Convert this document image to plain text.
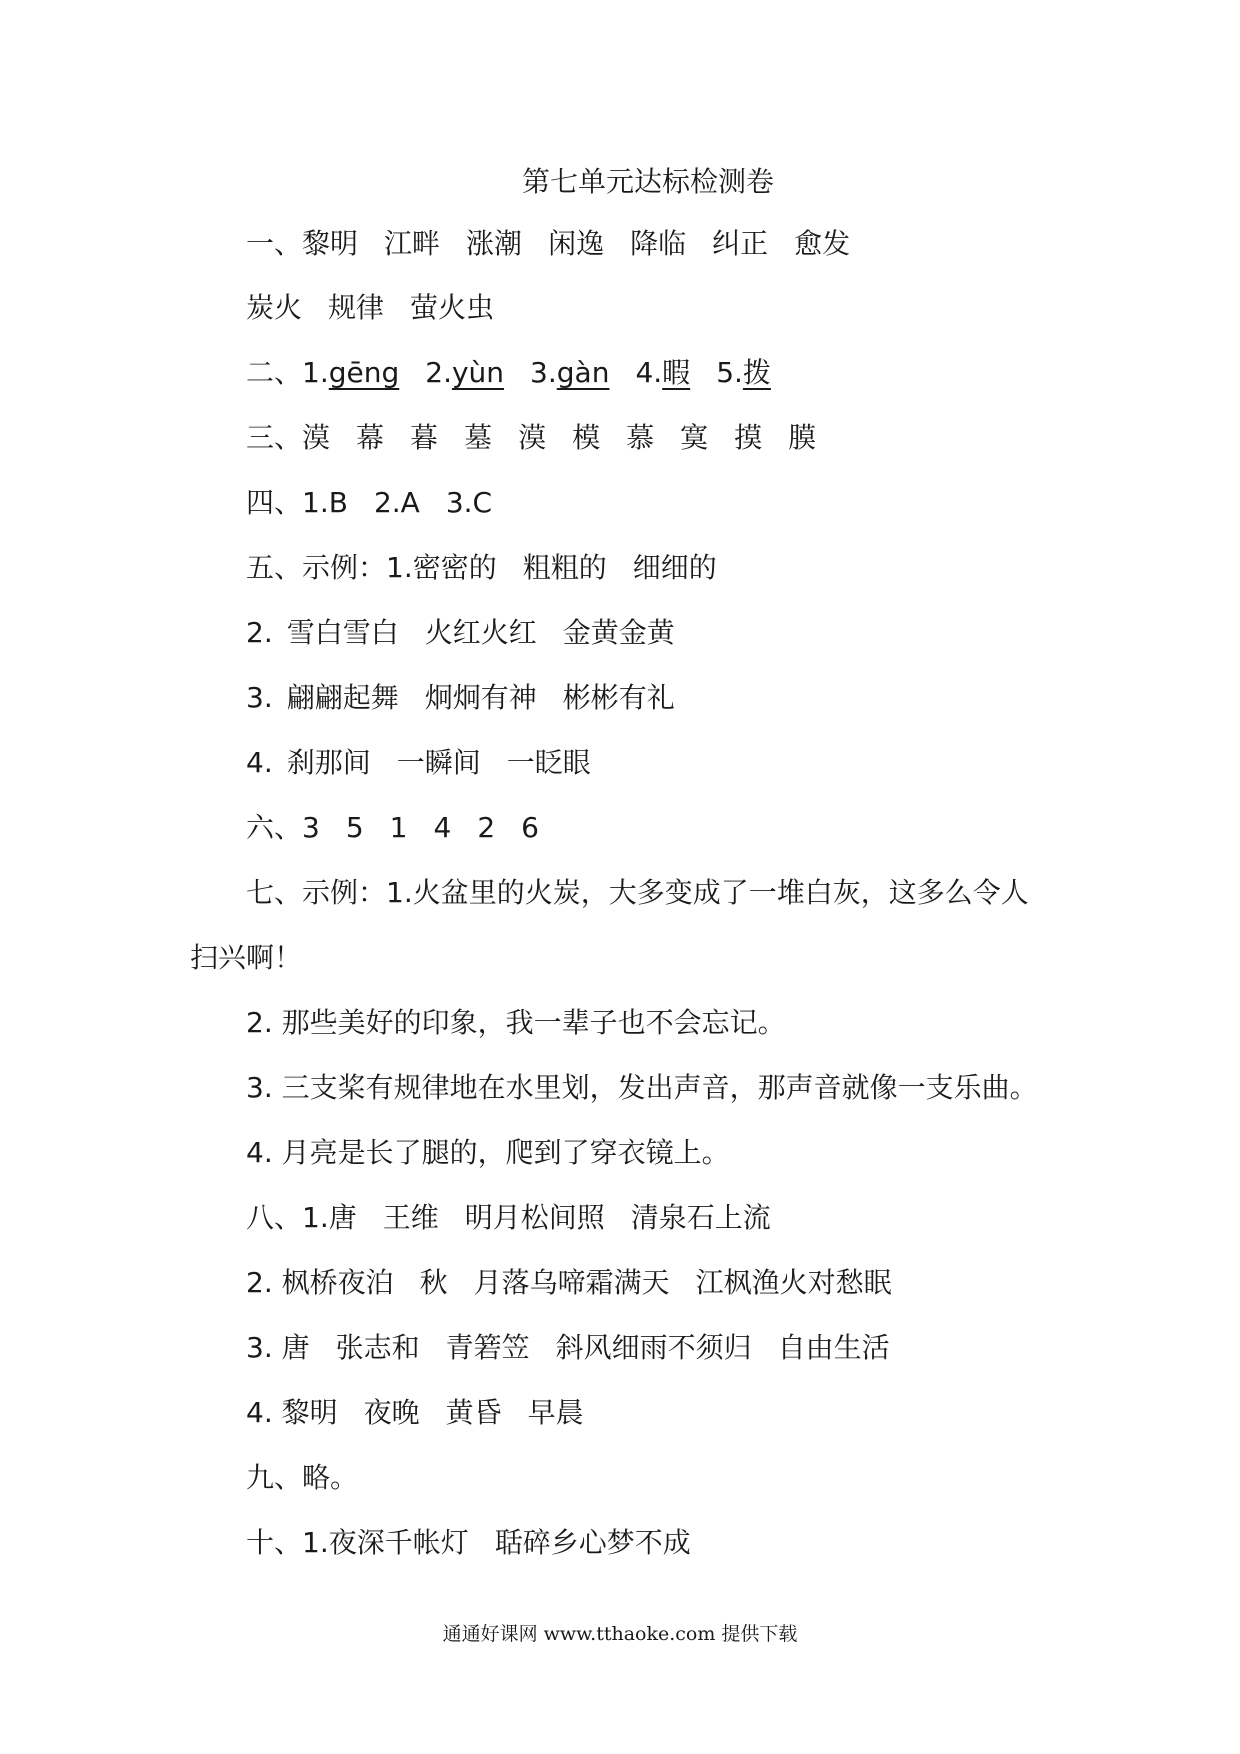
第七单元达标检测卷
一、黎明 江畔 涨潮 闲逸 降临 纠正 愈发
炭火 规律 萤火虫
二、1.gēng 2.yùn 3.gàn 4.暇 5.拨
三、漠 幕 暮 墓 漠 模 慕 寞 摸 膜
四、1.B 2.A 3.C
五、示例：1.密密的 粗粗的 细细的
2. 雪白雪白 火红火红 金黄金黄
3. 翩翩起舞 炯炯有神 彬彬有礼
4. 刹那间 一瞬间 一眨眼
六、3 5 1 4 2 6
七、示例：1.火盆里的火炭，大多变成了一堆白灰，这多么令人
扫兴啊！
2. 那些美好的印象，我一辈子也不会忘记。
3. 三支桨有规律地在水里划，发出声音，那声音就像一支乐曲。
4. 月亮是长了腿的，爬到了穿衣镜上。
八、1.唐 王维 明月松间照 清泉石上流
2. 枫桥夜泊 秋 月落乌啼霜满天 江枫渔火对愁眠
3. 唐 张志和 青箬笠 斜风细雨不须归 自由生活
4. 黎明 夜晚 黄昏 早晨
九、略。
十、1.夜深千帐灯 聒碎乡心梦不成
通通好课网 www.tthaoke.com 提供下载
